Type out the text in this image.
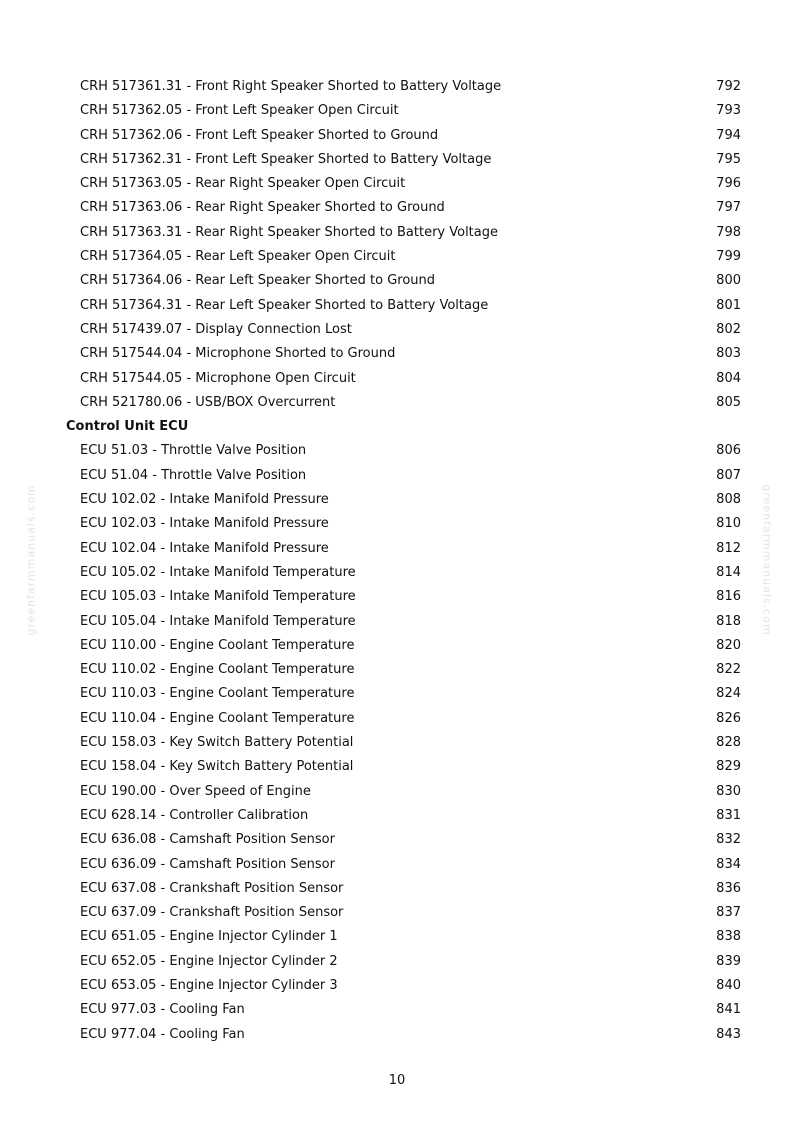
CRH 517361.31 - Front Right Speaker Shorted to Battery Voltage	792
CRH 517362.05 - Front Left Speaker Open Circuit	793
CRH 517362.06 - Front Left Speaker Shorted to Ground	794
CRH 517362.31 - Front Left Speaker Shorted to Battery Voltage	795
CRH 517363.05 - Rear Right Speaker Open Circuit	796
CRH 517363.06 - Rear Right Speaker Shorted to Ground	797
CRH 517363.31 - Rear Right Speaker Shorted to Battery Voltage	798
CRH 517364.05 - Rear Left Speaker Open Circuit	799
CRH 517364.06 - Rear Left Speaker Shorted to Ground	800
CRH 517364.31 - Rear Left Speaker Shorted to Battery Voltage	801
CRH 517439.07 - Display Connection Lost	802
CRH 517544.04 - Microphone Shorted to Ground	803
CRH 517544.05 - Microphone Open Circuit	804
CRH 521780.06 - USB/BOX Overcurrent	805
Control Unit ECU
ECU 51.03 - Throttle Valve Position	806
ECU 51.04 - Throttle Valve Position	807
ECU 102.02 - Intake Manifold Pressure	808
ECU 102.03 - Intake Manifold Pressure	810
ECU 102.04 - Intake Manifold Pressure	812
ECU 105.02 - Intake Manifold Temperature	814
ECU 105.03 - Intake Manifold Temperature	816
ECU 105.04 - Intake Manifold Temperature	818
ECU 110.00 - Engine Coolant Temperature	820
ECU 110.02 - Engine Coolant Temperature	822
ECU 110.03 - Engine Coolant Temperature	824
ECU 110.04 - Engine Coolant Temperature	826
ECU 158.03 - Key Switch Battery Potential	828
ECU 158.04 - Key Switch Battery Potential	829
ECU 190.00 - Over Speed of Engine	830
ECU 628.14 - Controller Calibration	831
ECU 636.08 - Camshaft Position Sensor	832
ECU 636.09 - Camshaft Position Sensor	834
ECU 637.08 - Crankshaft Position Sensor	836
ECU 637.09 - Crankshaft Position Sensor	837
ECU 651.05 - Engine Injector Cylinder 1	838
ECU 652.05 - Engine Injector Cylinder 2	839
ECU 653.05 - Engine Injector Cylinder 3	840
ECU 977.03 - Cooling Fan	841
ECU 977.04 - Cooling Fan	843
greenfarmmanuals.com	greenfarmmanuals.com
10
